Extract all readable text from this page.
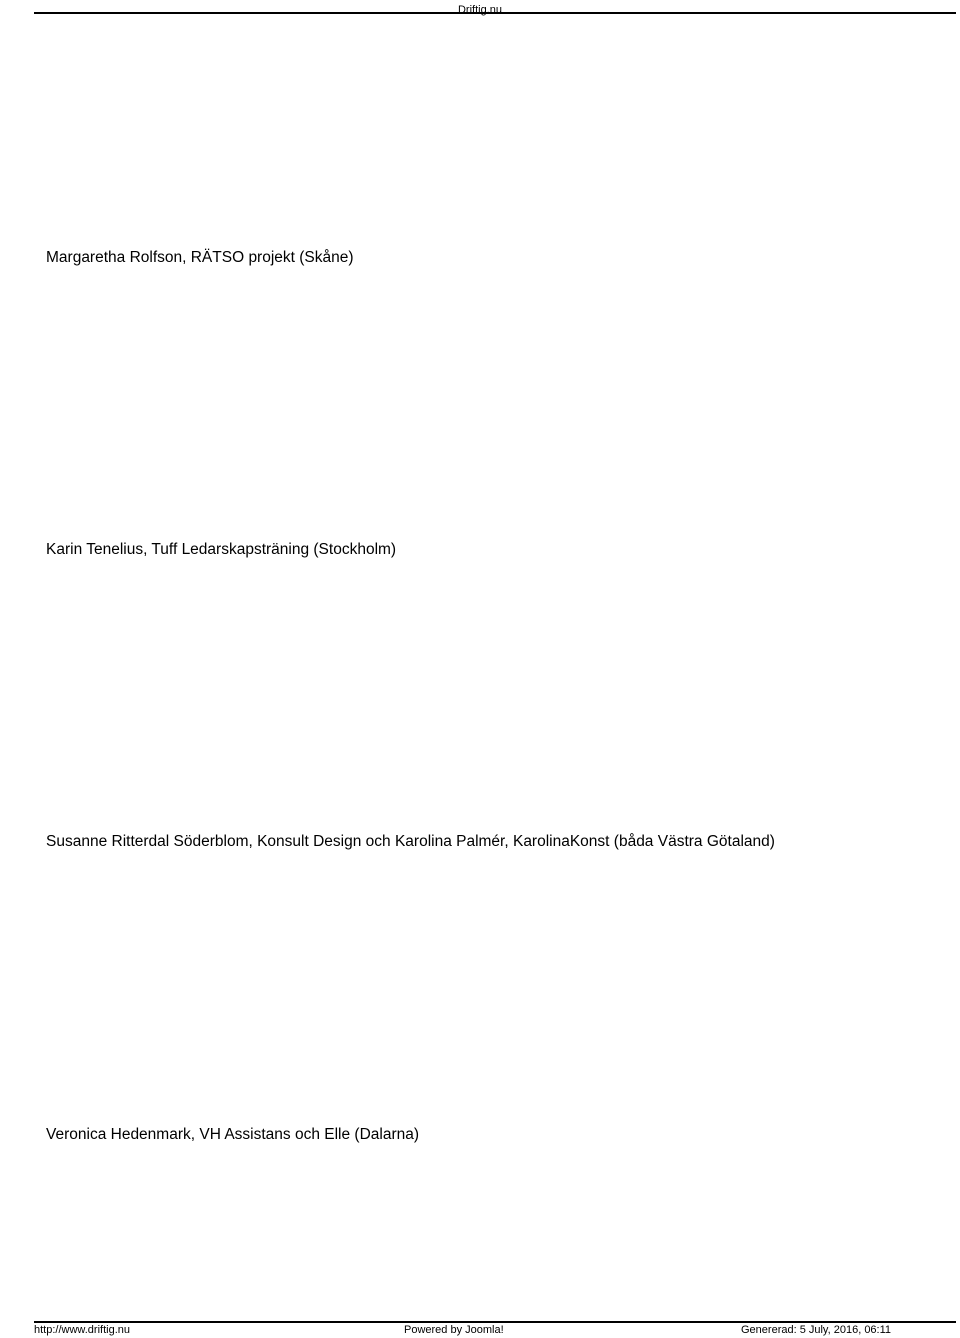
Driftig.nu
Margaretha Rolfson, RÄTSO projekt (Skåne)
Karin Tenelius, Tuff Ledarskapsträning (Stockholm)
Susanne Ritterdal Söderblom, Konsult Design och Karolina Palmér, KarolinaKonst (båda Västra Götaland)
Veronica Hedenmark, VH Assistans och Elle (Dalarna)
http://www.driftig.nu	Powered by Joomla!	Genererad: 5 July, 2016, 06:11
